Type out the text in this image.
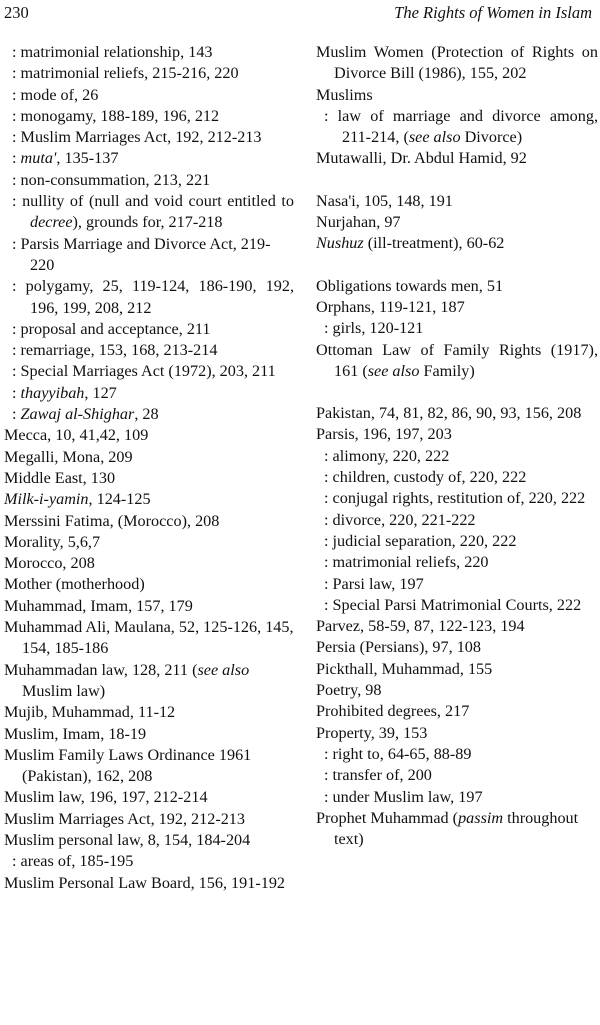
230	The Rights of Women in Islam

: matrimonial relationship, 143

: matrimonial reliefs, 215-216, 220

: mode of, 26

: monogamy, 188-189, 196, 212

: Muslim Marriages Act, 192, 212-213

: muta', 135-137

: non-consummation, 213, 221

: nullity of (null and void court entitled to decree), grounds for, 217-218

: Parsis Marriage and Divorce Act, 219-220

: polygamy, 25, 119-124, 186-190, 192, 196, 199, 208, 212

: proposal and acceptance, 211

: remarriage, 153, 168, 213-214

: Special Marriages Act (1972), 203, 211

: thayyibah, 127

: Zawaj al-Shighar, 28

Mecca, 10, 41,42, 109

Megalli, Mona, 209

Middle East, 130

Milk-i-yamin, 124-125

Merssini Fatima, (Morocco), 208

Morality, 5,6,7

Morocco, 208

Mother (motherhood)

Muhammad, Imam, 157, 179

Muhammad Ali, Maulana, 52, 125-126, 145, 154, 185-186

Muhammadan law, 128, 211 (see also Muslim law)

Mujib, Muhammad, 11-12

Muslim, Imam, 18-19

Muslim Family Laws Ordinance 1961 (Pakistan), 162, 208

Muslim law, 196, 197, 212-214

Muslim Marriages Act, 192, 212-213

Muslim personal law, 8, 154, 184-204

: areas of, 185-195

Muslim Personal Law Board, 156, 191-192

Muslim Women (Protection of Rights on Divorce Bill (1986), 155, 202

Muslims

: law of marriage and divorce among, 211-214, (see also Divorce)

Mutawalli, Dr. Abdul Hamid, 92

Nasa'i, 105, 148, 191

Nurjahan, 97

Nushuz (ill-treatment), 60-62

Obligations towards men, 51

Orphans, 119-121, 187

: girls, 120-121

Ottoman Law of Family Rights (1917), 161 (see also Family)

Pakistan, 74, 81, 82, 86, 90, 93, 156, 208

Parsis, 196, 197, 203

: alimony, 220, 222

: children, custody of, 220, 222

: conjugal rights, restitution of, 220, 222

: divorce, 220, 221-222

: judicial separation, 220, 222

: matrimonial reliefs, 220

: Parsi law, 197

: Special Parsi Matrimonial Courts, 222

Parvez, 58-59, 87, 122-123, 194

Persia (Persians), 97, 108

Pickthall, Muhammad, 155

Poetry, 98

Prohibited degrees, 217

Property, 39, 153

: right to, 64-65, 88-89

: transfer of, 200

: under Muslim law, 197

Prophet Muhammad (passim throughout text)
